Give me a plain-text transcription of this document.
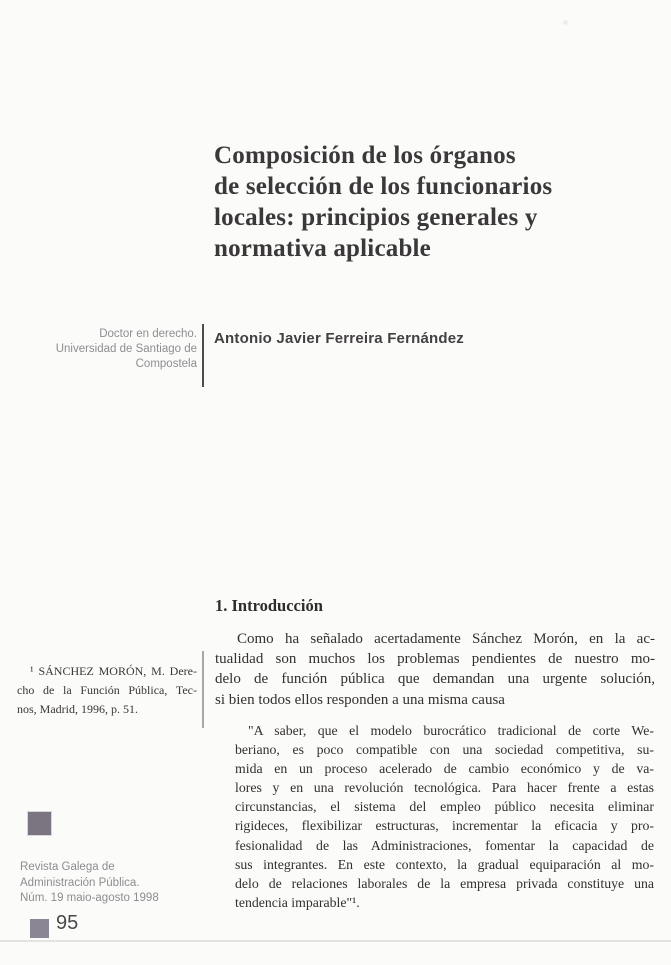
Composición de los órganos
de selección de los funcionarios
locales: principios generales y
normativa aplicable
Doctor en derecho.
Universidad de Santiago de
Compostela
Antonio Javier Ferreira Fernández
¹ SÁNCHEZ MORÓN, M. Dere-
cho de la Función Pública, Tec-
nos, Madrid, 1996, p. 51.
1. Introducción
Como ha señalado acertadamente Sánchez Morón, en la ac-
tualidad son muchos los problemas pendientes de nuestro mo-
delo de función pública que demandan una urgente solución,
si bien todos ellos responden a una misma causa
"A saber, que el modelo burocrático tradicional de corte We-
beriano, es poco compatible con una sociedad competitiva, su-
mida en un proceso acelerado de cambio económico y de va-
lores y en una revolución tecnológica. Para hacer frente a estas
circunstancias, el sistema del empleo público necesita eliminar
rigideces, flexibilizar estructuras, incrementar la eficacia y pro-
fesionalidad de las Administraciones, fomentar la capacidad de
sus integrantes. En este contexto, la gradual equiparación al mo-
delo de relaciones laborales de la empresa privada constituye una
tendencia imparable"¹.
Revista Galega de
Administración Pública.
Núm. 19 maio-agosto 1998
95
